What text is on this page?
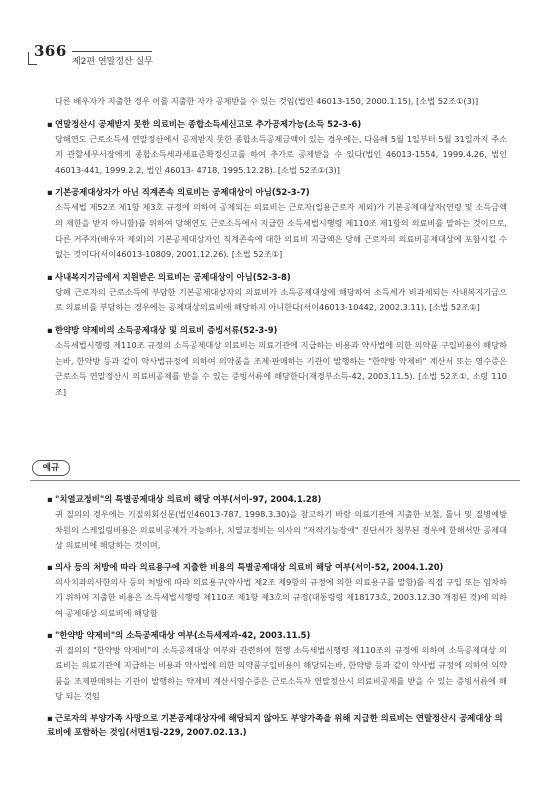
366
제2편 연말정산 실무

다른 배우자가 지출한 경우 이를 지출한 자가 공제받을 수 있는 것임(법인 46013-150, 2000.1.15), [소법 52조①(3)]

▪ 연말정산시 공제받지 못한 의료비는 종합소득세신고로 추가공제가능(소득 52-3-6)

당해연도 근로소득세 연말정산에서 공제받지 못한 종합소득공제금액이 있는 경우에는, 다음해 5월 1일부터 5월 31일까지 주소지 관할세무서장에게 종합소득세과세표준확정신고를 하여 추가로 공제받을 수 있다(법인 46013-1554, 1999.4.26, 법인 46013-441, 1999.2.2, 법인 46013- 4718, 1995.12.28). [소법 52조①(3)]

▪ 기본공제대상자가 아닌 직계존속 의료비는 공제대상이 아님(52-3-7)

소득세법 제52조 제1항 제3호 규정에 의하여 공제되는 의료비는 근로자(일용근로자 제외)가 기본공제대상자(연령 및 소득금액의 제한을 받지 아니함)를 위하여 당해연도 근로소득에서 지급한 소득세법시행령 제110조 제1항의 의료비를 말하는 것이므로, 다른 거주자(배우자 제외)의 기본공제대상자인 직계존속에 대한 의료비 지급액은 당해 근로자의 의료비공제대상에 포함시킬 수 없는 것이다(서이46013-10809, 2001.12.26). [소법 52조①]

▪ 사내복지기금에서 지원받은 의료비는 공제대상이 아님(52-3-8)

당해 근로자의 근로소득에 부담한 기본공제대상자의 의료비가 소득공제대상에 해당하여 소득세가 비과세되는 사내복지기금으로 의료비를 부담하는 경우에는 공제대상의료비에 해당하지 아니한다(서이46013-10442, 2002.3.11). [소법 52조①]

▪ 한약방 약제비의 소득공제대상 및 의료비 증빙서류(52-3-9)

소득세법시행령 제110조 규정의 소득공제대상 의료비는 의료기관에 지급하는 비용과 약사법에 의한 의약품 구입비용이 해당하는바, 한약방 등과 같이 약사법규정에 의하여 의약품을 조제·판매하는 기관이 발행하는 "한약방 약제비" 계산서 또는 영수증은 근로소득 연말정산시 의료비공제를 받을 수 있는 증빙서류에 해당한다(재경부소득-42, 2003.11.5). [소법 52조①, 소령 110조]

예규

▪ "치열교정비"의 특별공제대상 의료비 해당 여부(서이-97, 2004.1.28)

귀 질의의 경우에는 기질의회신문(법인46013-787, 1998.3.30)을 참고하기 바람 의료기관에 지출한 보철, 틀니 및 질병예방차원의 스케일링비용은 의료비공제가 가능하나, 치열교정비는 의사의 "저작기능장애" 진단서가 첨부된 경우에 한해서만 공제대상 의료비에 해당하는 것이며,

▪ 의사 등의 처방에 따라 의료용구에 지출한 비용의 특별공제대상 의료비 해당 여부(서이-52, 2004.1.20)

의사치과의사한의사 등의 처방에 따라 의료용구(약사법 제2조 제9항의 규정에 의한 의료용구를 말함)를 직접 구입 또는 임차하기 위하여 지출한 비용은 소득세법시행령 제110조 제1항 제3호의 규정(대통령령 제18173호, 2003.12.30 개정된 것)에 의하여 공제대상 의료비에 해당함

▪ "한약방 약제비"의 소득공제대상 여부(소득세제과-42, 2003.11.5)

귀 질의의 "한약방 약제비"의 소득공제대상 여부와 관련하여 현행 소득세법시행령 제110조의 규정에 의하여 소득공제대상 의료비는 의료기관에 지급하는 비용과 약사법에 의한 의약품구입비용이 해당되는바, 한약방 등과 같이 약사법 규정에 의하여 의약품을 조제판매하는 기관이 발행하는 약제비 계산서영수증은 근로소득자 연말정산시 의료비공제를 받을 수 있는 증빙서류에 해당 되는 것임

▪ 근로자의 부양가족 사망으로 기본공제대상자에 해당되지 않아도 부양가족을 위해 지급한 의료비는 연말정산시 공제대상 의료비에 포함하는 것임(서면1팀-229, 2007.02.13.)
